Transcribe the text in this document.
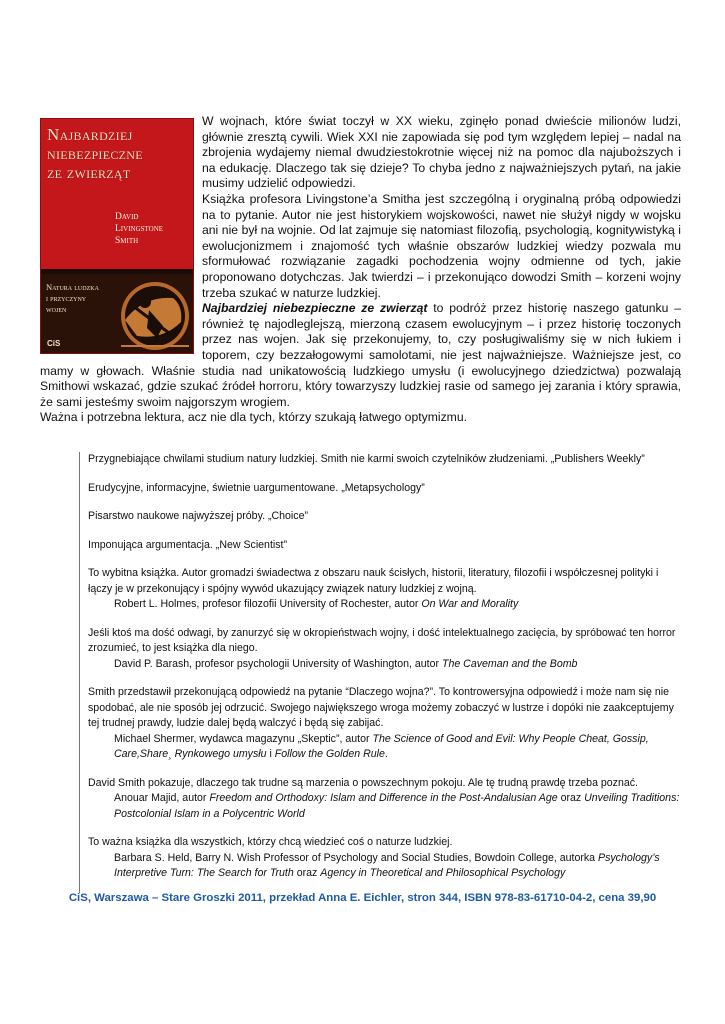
Najbardziej
niebezpieczne
ze zwierząt
David
Livingstone
Smith
Natura ludzka
i przyczyny
wojen
CiS

W wojnach, które świat toczył w XX wieku, zginęło ponad dwieście milionów ludzi, głównie zresztą cywili. Wiek XXI nie zapowiada się pod tym względem lepiej – nadal na zbrojenia wydajemy niemal dwudziestokrotnie więcej niż na pomoc dla najuboższych i na edukację. Dlaczego tak się dzieje? To chyba jedno z najważniejszych pytań, na jakie musimy udzielić odpowiedzi.

Książka profesora Livingstone’a Smitha jest szczególną i oryginalną próbą odpowiedzi na to pytanie. Autor nie jest historykiem wojskowości, nawet nie służył nigdy w wojsku ani nie był na wojnie. Od lat zajmuje się natomiast filozofią, psychologią, kognitywistyką i ewolucjonizmem i znajomość tych właśnie obszarów ludzkiej wiedzy pozwala mu sformułować rozwiązanie zagadki pochodzenia wojny odmienne od tych, jakie proponowano dotychczas. Jak twierdzi – i przekonująco dowodzi Smith – korzeni wojny trzeba szukać w naturze ludzkiej.

Najbardziej niebezpieczne ze zwierząt to podróż przez historię naszego gatunku – również tę najodleglejszą, mierzoną czasem ewolucyjnym – i przez historię toczonych przez nas wojen. Jak się przekonujemy, to, czy posługiwaliśmy się w nich łukiem i toporem, czy bezzałogowymi samolotami, nie jest najważniejsze. Ważniejsze jest, co mamy w głowach. Właśnie studia nad unikatowością ludzkiego umysłu (i ewolucyjnego dziedzictwa) pozwalają Smithowi wskazać, gdzie szukać źródeł horroru, który towarzyszy ludzkiej rasie od samego jej zarania i który sprawia, że sami jesteśmy swoim najgorszym wrogiem.

Ważna i potrzebna lektura, acz nie dla tych, którzy szukają łatwego optymizmu.

Przygnebiające chwilami studium natury ludzkiej. Smith nie karmi swoich czytelników złudzeniami. „Publishers Weekly”
Erudycyjne, informacyjne, świetnie uargumentowane. „Metapsychology”
Pisarstwo naukowe najwyższej próby. „Choice”
Imponująca argumentacja. „New Scientist”
To wybitna książka. Autor gromadzi świadectwa z obszaru nauk ścisłych, historii, literatury, filozofii i współczesnej polityki i łączy je w przekonujący i spójny wywód ukazujący związek natury ludzkiej z wojną.
Robert L. Holmes, profesor filozofii University of Rochester, autor On War and Morality
Jeśli ktoś ma dość odwagi, by zanurzyć się w okropieństwach wojny, i dość intelektualnego zacięcia, by spróbować ten horror zrozumieć, to jest książka dla niego.
David P. Barash, profesor psychologii University of Washington, autor The Caveman and the Bomb
Smith przedstawił przekonującą odpowiedź na pytanie “Dlaczego wojna?”. To kontrowersyjna odpowiedź i może nam się nie spodobać, ale nie sposób jej odrzucić. Swojego największego wroga możemy zobaczyć w lustrze i dopóki nie zaakceptujemy tej trudnej prawdy, ludzie dalej będą walczyć i będą się zabijać.
Michael Shermer, wydawca magazynu „Skeptic”, autor The Science of Good and Evil: Why People Cheat, Gossip, Care,Share¸ Rynkowego umysłu i Follow the Golden Rule.
David Smith pokazuje, dlaczego tak trudne są marzenia o powszechnym pokoju. Ale tę trudną prawdę trzeba poznać.
Anouar Majid, autor Freedom and Orthodoxy: Islam and Difference in the Post-Andalusian Age oraz Unveiling Traditions: Postcolonial Islam in a Polycentric World
To ważna książka dla wszystkich, którzy chcą wiedzieć coś o naturze ludzkiej.
Barbara S. Held, Barry N. Wish Professor of Psychology and Social Studies, Bowdoin College, autorka Psychology’s Interpretive Turn: The Search for Truth oraz Agency in Theoretical and Philosophical Psychology
CiS, Warszawa – Stare Groszki 2011, przekład Anna E. Eichler, stron 344, ISBN 978-83-61710-04-2, cena 39,90
